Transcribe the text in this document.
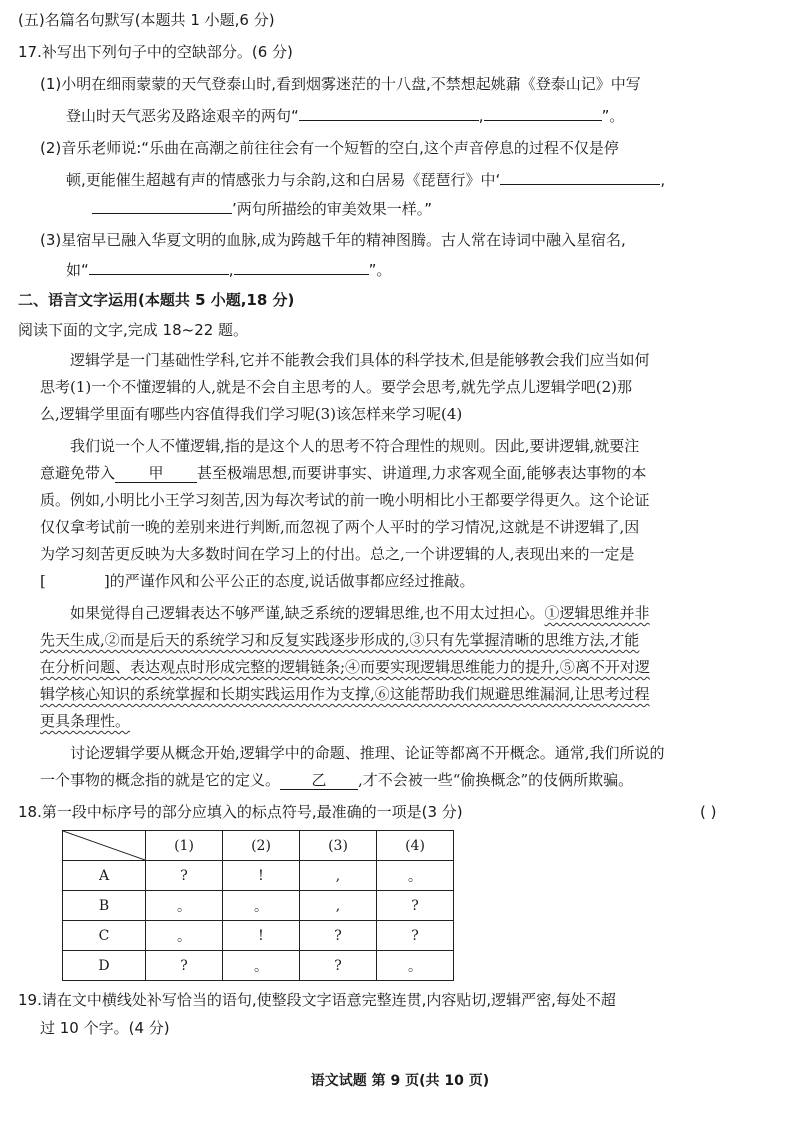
(五)名篇名句默写(本题共 1 小题,6 分)
17.补写出下列句子中的空缺部分。(6 分)
(1)小明在细雨蒙蒙的天气登泰山时,看到烟雾迷茫的十八盘,不禁想起姚鼐《登泰山记》中写
登山时天气恶劣及路途艰辛的两句“	,	”。
(2)音乐老师说:“乐曲在高潮之前往往会有一个短暂的空白,这个声音停息的过程不仅是停
顿,更能催生超越有声的情感张力与余韵,这和白居易《琵琶行》中‘	,
’两句所描绘的审美效果一样。”
(3)星宿早已融入华夏文明的血脉,成为跨越千年的精神图腾。古人常在诗词中融入星宿名,
如“	,	”。
二、语言文字运用(本题共 5 小题,18 分)
阅读下面的文字,完成 18~22 题。
逻辑学是一门基础性学科,它并不能教会我们具体的科学技术,但是能够教会我们应当如何
思考(1)一个不懂逻辑的人,就是不会自主思考的人。要学会思考,就先学点儿逻辑学吧(2)那
么,逻辑学里面有哪些内容值得我们学习呢(3)该怎样来学习呢(4)
我们说一个人不懂逻辑,指的是这个人的思考不符合理性的规则。因此,要讲逻辑,就要注
意避免带入 甲 甚至极端思想,而要讲事实、讲道理,力求客观全面,能够表达事物的本
质。例如,小明比小王学习刻苦,因为每次考试的前一晚小明相比小王都要学得更久。这个论证
仅仅拿考试前一晚的差别来进行判断,而忽视了两个人平时的学习情况,这就是不讲逻辑了,因
为学习刻苦更反映为大多数时间在学习上的付出。总之,一个讲逻辑的人,表现出来的一定是
[	]的严谨作风和公平公正的态度,说话做事都应经过推敲。
如果觉得自己逻辑表达不够严谨,缺乏系统的逻辑思维,也不用太过担心。①逻辑思维并非
先天生成,②而是后天的系统学习和反复实践逐步形成的,③只有先掌握清晰的思维方法,才能
在分析问题、表达观点时形成完整的逻辑链条;④而要实现逻辑思维能力的提升,⑤离不开对逻
辑学核心知识的系统掌握和长期实践运用作为支撑,⑥这能帮助我们规避思维漏洞,让思考过程
更具条理性。
讨论逻辑学要从概念开始,逻辑学中的命题、推理、论证等都离不开概念。通常,我们所说的
一个事物的概念指的就是它的定义。 乙 ,才不会被一些“偷换概念”的伎俩所欺骗。
18.第一段中标序号的部分应填入的标点符号,最准确的一项是(3 分)	( )
	(1)	(2)	(3)	(4)
A	?	!	,	。
B	。	。	,	?
C	。	!	?	?
D	?	。	?	。
19.请在文中横线处补写恰当的语句,使整段文字语意完整连贯,内容贴切,逻辑严密,每处不超
过 10 个字。(4 分)
语文试题 第 9 页(共 10 页)
